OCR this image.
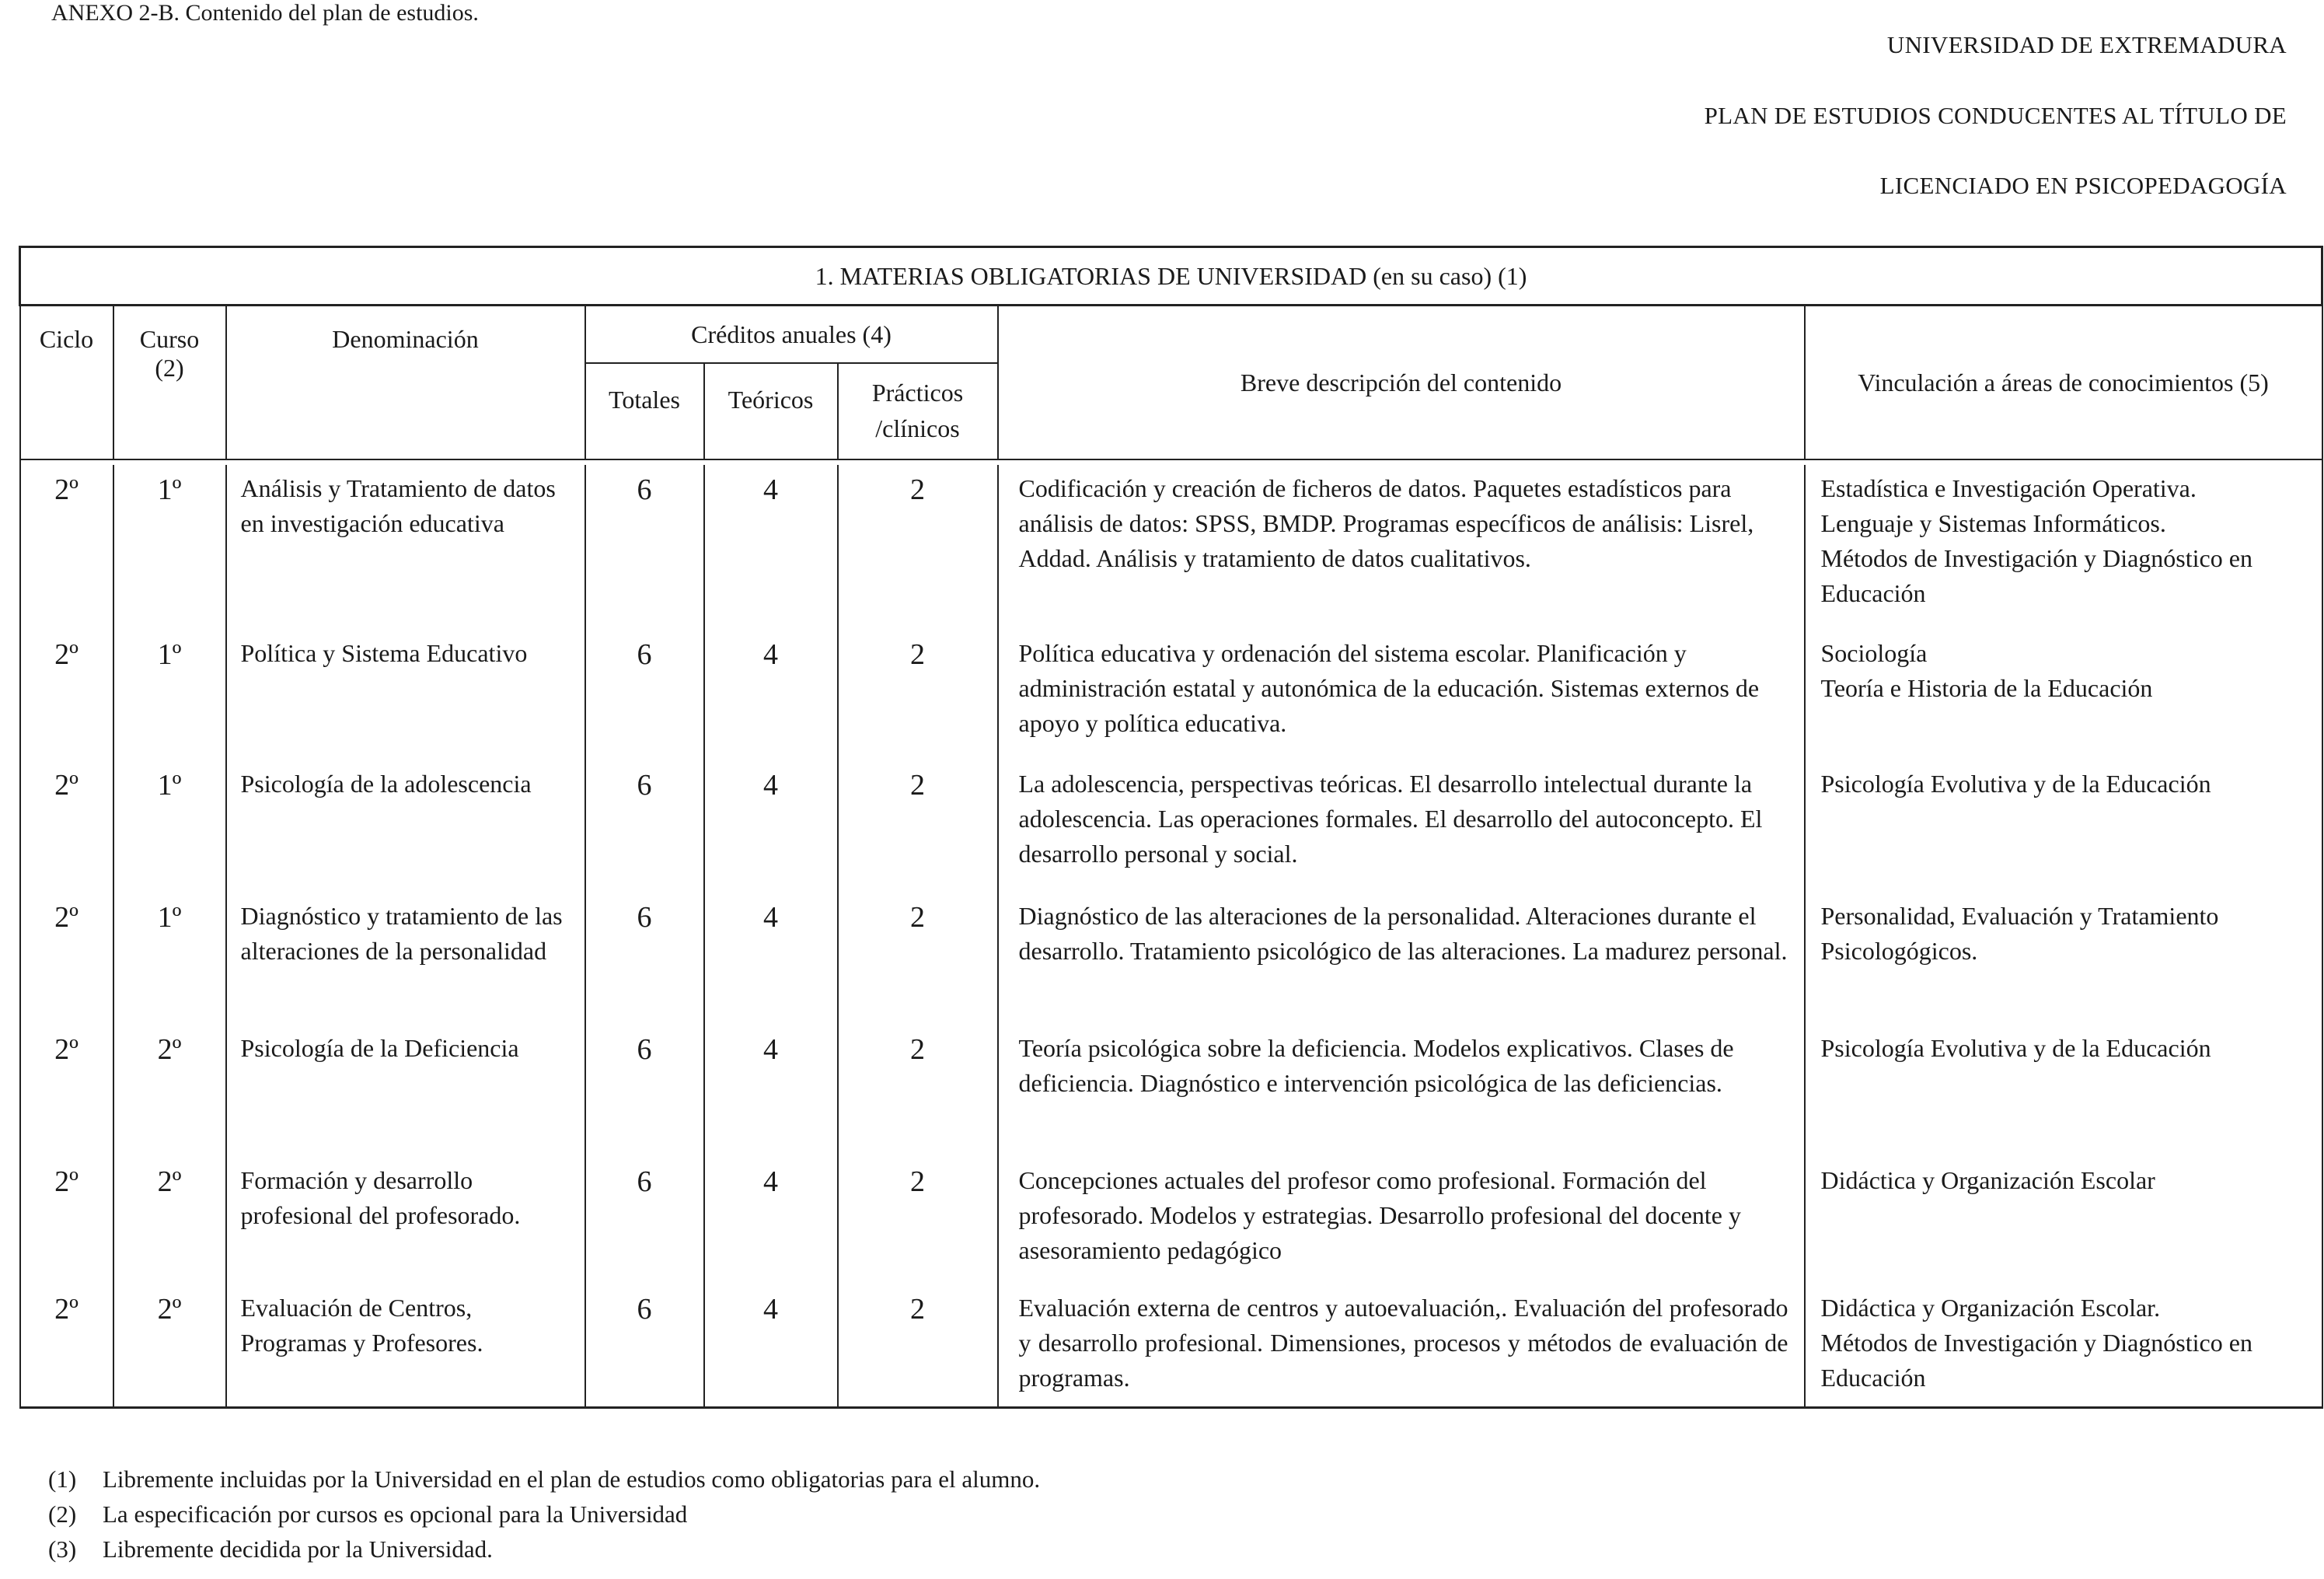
ANEXO 2-B. Contenido del plan de estudios.
UNIVERSIDAD DE EXTREMADURA
PLAN DE ESTUDIOS CONDUCENTES AL TÍTULO DE
LICENCIADO EN PSICOPEDAGOGÍA
1. MATERIAS OBLIGATORIAS DE UNIVERSIDAD (en su caso) (1)							
Ciclo	Curso (2)	Denominación	Créditos anuales (4)			Breve descripción del contenido	Vinculación a áreas de conocimientos (5)
			Totales	Teóricos	Prácticos /clínicos		

2º	1º	Análisis y Tratamiento de datos en investigación educativa	6	4	2	Codificación y creación de ficheros de datos. Paquetes estadísticos para análisis de datos: SPSS, BMDP. Programas específicos de análisis: Lisrel, Addad. Análisis y tratamiento de datos cualitativos.	Estadística e Investigación Operativa.
Lenguaje y Sistemas Informáticos.
Métodos de Investigación y Diagnóstico en Educación
2º	1º	Política y Sistema Educativo	6	4	2	Política educativa y ordenación del sistema escolar. Planificación y administración estatal y autonómica de la educación. Sistemas externos de apoyo y política educativa.	Sociología
Teoría e Historia de la Educación
2º	1º	Psicología de la adolescencia	6	4	2	La adolescencia, perspectivas teóricas. El desarrollo intelectual durante la adolescencia. Las operaciones formales. El desarrollo del autoconcepto. El desarrollo personal y social.	Psicología Evolutiva y de la Educación
2º	1º	Diagnóstico y tratamiento de las alteraciones de la personalidad	6	4	2	Diagnóstico de las alteraciones de la personalidad. Alteraciones durante el desarrollo. Tratamiento psicológico de las alteraciones. La madurez personal.	Personalidad, Evaluación y Tratamiento Psicologógicos.
2º	2º	Psicología de la Deficiencia	6	4	2	Teoría psicológica sobre la deficiencia. Modelos explicativos. Clases de deficiencia. Diagnóstico e intervención psicológica de las deficiencias.	Psicología Evolutiva y de la Educación
2º	2º	Formación y desarrollo profesional del profesorado.	6	4	2	Concepciones actuales del profesor como profesional. Formación del profesorado. Modelos y estrategias. Desarrollo profesional del docente y asesoramiento pedagógico	Didáctica y Organización Escolar
2º	2º	Evaluación de Centros, Programas y Profesores.	6	4	2	Evaluación externa de centros y autoevaluación,. Evaluación del profesorado y desarrollo profesional. Dimensiones, procesos y métodos de evaluación de programas.	Didáctica y Organización Escolar.
Métodos de Investigación y Diagnóstico en Educación
(1)	Libremente incluidas por la Universidad en el plan de estudios como obligatorias para el alumno.
(2)	La especificación por cursos es opcional para la Universidad
(3)	Libremente decidida por la Universidad.
